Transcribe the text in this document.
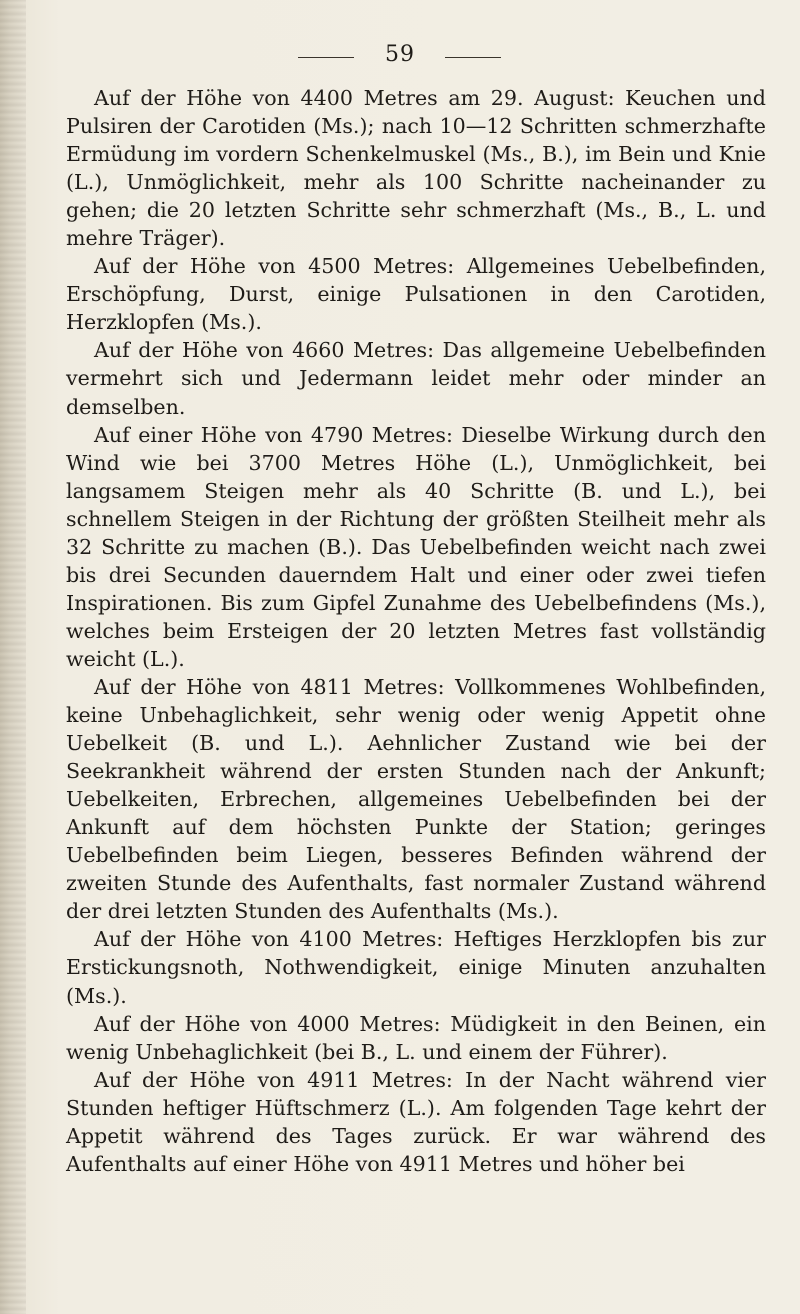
59

Auf der Höhe von 4400 Metres am 29. August: Keuchen und Pulsiren der Carotiden (Ms.); nach 10—12 Schritten schmerzhafte Ermüdung im vordern Schenkelmuskel (Ms., B.), im Bein und Knie (L.), Unmöglichkeit, mehr als 100 Schritte nacheinander zu gehen; die 20 letzten Schritte sehr schmerzhaft (Ms., B., L. und mehre Träger).

Auf der Höhe von 4500 Metres: Allgemeines Uebelbefinden, Erschöpfung, Durst, einige Pulsationen in den Carotiden, Herzklopfen (Ms.).

Auf der Höhe von 4660 Metres: Das allgemeine Uebelbefinden vermehrt sich und Jedermann leidet mehr oder minder an demselben.

Auf einer Höhe von 4790 Metres: Dieselbe Wirkung durch den Wind wie bei 3700 Metres Höhe (L.), Unmöglichkeit, bei langsamem Steigen mehr als 40 Schritte (B. und L.), bei schnellem Steigen in der Richtung der größten Steilheit mehr als 32 Schritte zu machen (B.). Das Uebelbefinden weicht nach zwei bis drei Secunden dauerndem Halt und einer oder zwei tiefen Inspirationen. Bis zum Gipfel Zunahme des Uebelbefindens (Ms.), welches beim Ersteigen der 20 letzten Metres fast vollständig weicht (L.).

Auf der Höhe von 4811 Metres: Vollkommenes Wohlbefinden, keine Unbehaglichkeit, sehr wenig oder wenig Appetit ohne Uebelkeit (B. und L.). Aehnlicher Zustand wie bei der Seekrankheit während der ersten Stunden nach der Ankunft; Uebelkeiten, Erbrechen, allgemeines Uebelbefinden bei der Ankunft auf dem höchsten Punkte der Station; geringes Uebelbefinden beim Liegen, besseres Befinden während der zweiten Stunde des Aufenthalts, fast normaler Zustand während der drei letzten Stunden des Aufenthalts (Ms.).

Auf der Höhe von 4100 Metres: Heftiges Herzklopfen bis zur Erstickungsnoth, Nothwendigkeit, einige Minuten anzuhalten (Ms.).

Auf der Höhe von 4000 Metres: Müdigkeit in den Beinen, ein wenig Unbehaglichkeit (bei B., L. und einem der Führer).

Auf der Höhe von 4911 Metres: In der Nacht während vier Stunden heftiger Hüftschmerz (L.). Am folgenden Tage kehrt der Appetit während des Tages zurück. Er war während des Aufenthalts auf einer Höhe von 4911 Metres und höher bei
